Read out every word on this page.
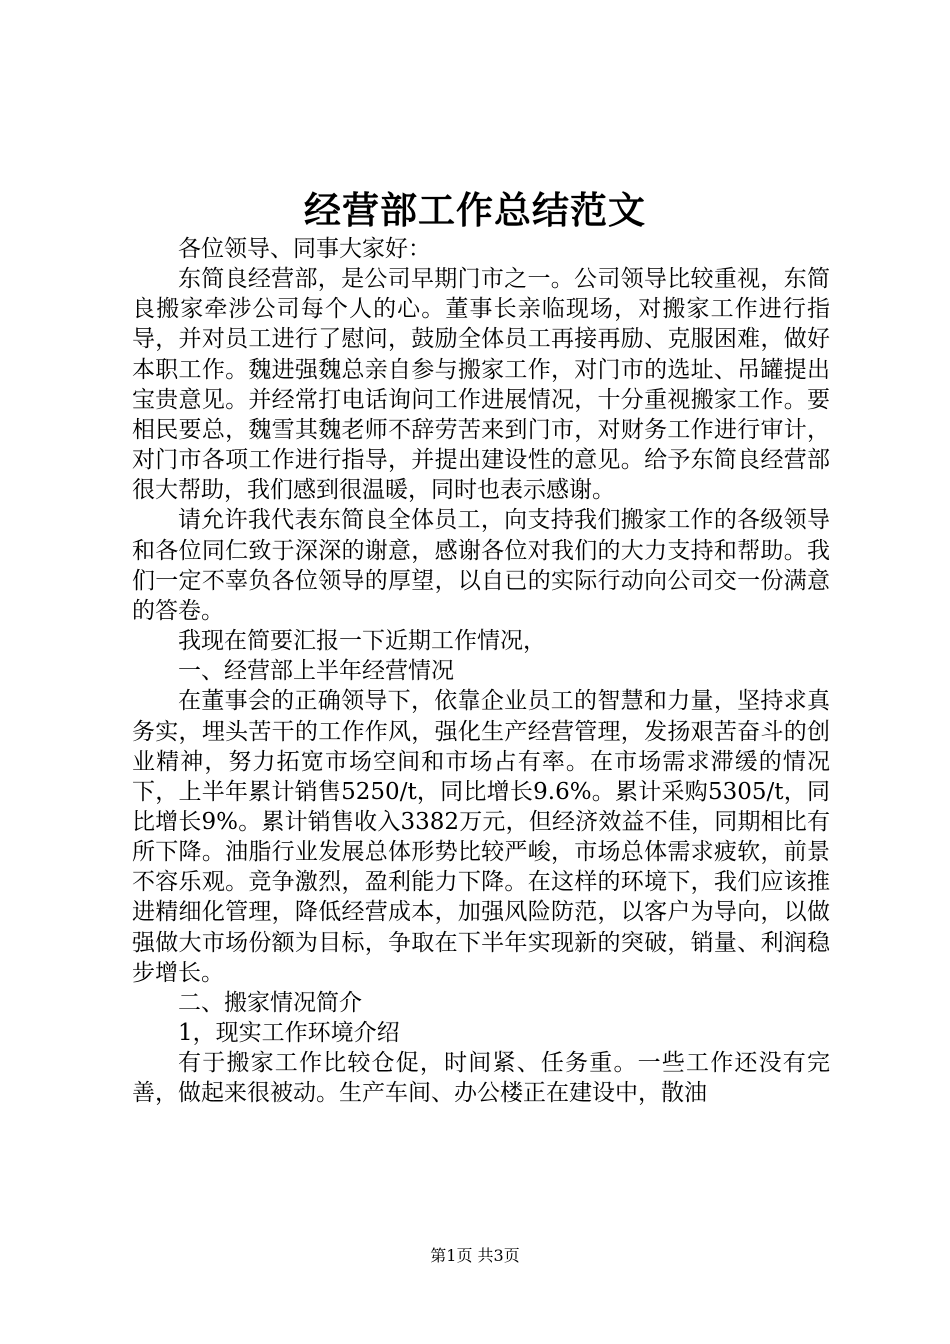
经营部工作总结范文

各位领导、同事大家好：

东简良经营部，是公司早期门市之一。公司领导比较重视，东简良搬家牵涉公司每个人的心。董事长亲临现场，对搬家工作进行指导，并对员工进行了慰问，鼓励全体员工再接再励、克服困难，做好本职工作。魏进强魏总亲自参与搬家工作，对门市的选址、吊罐提出宝贵意见。并经常打电话询问工作进展情况，十分重视搬家工作。要相民要总，魏雪其魏老师不辞劳苦来到门市，对财务工作进行审计，对门市各项工作进行指导，并提出建设性的意见。给予东简良经营部很大帮助，我们感到很温暖，同时也表示感谢。

请允许我代表东简良全体员工，向支持我们搬家工作的各级领导和各位同仁致于深深的谢意，感谢各位对我们的大力支持和帮助。我们一定不辜负各位领导的厚望，以自已的实际行动向公司交一份满意的答卷。

我现在简要汇报一下近期工作情况，

一、经营部上半年经营情况

在董事会的正确领导下，依靠企业员工的智慧和力量，坚持求真务实，埋头苦干的工作作风，强化生产经营管理，发扬艰苦奋斗的创业精神，努力拓宽市场空间和市场占有率。在市场需求滞缓的情况下，上半年累计销售5250/t，同比增长9.6%。累计采购5305/t，同比增长9%。累计销售收入3382万元，但经济效益不佳，同期相比有所下降。油脂行业发展总体形势比较严峻，市场总体需求疲软，前景不容乐观。竞争激烈，盈利能力下降。在这样的环境下，我们应该推进精细化管理，降低经营成本，加强风险防范，以客户为导向，以做强做大市场份额为目标，争取在下半年实现新的突破，销量、利润稳步增长。

二、搬家情况简介

1，现实工作环境介绍

有于搬家工作比较仓促，时间紧、任务重。一些工作还没有完善，做起来很被动。生产车间、办公楼正在建设中，散油

第1页 共3页
